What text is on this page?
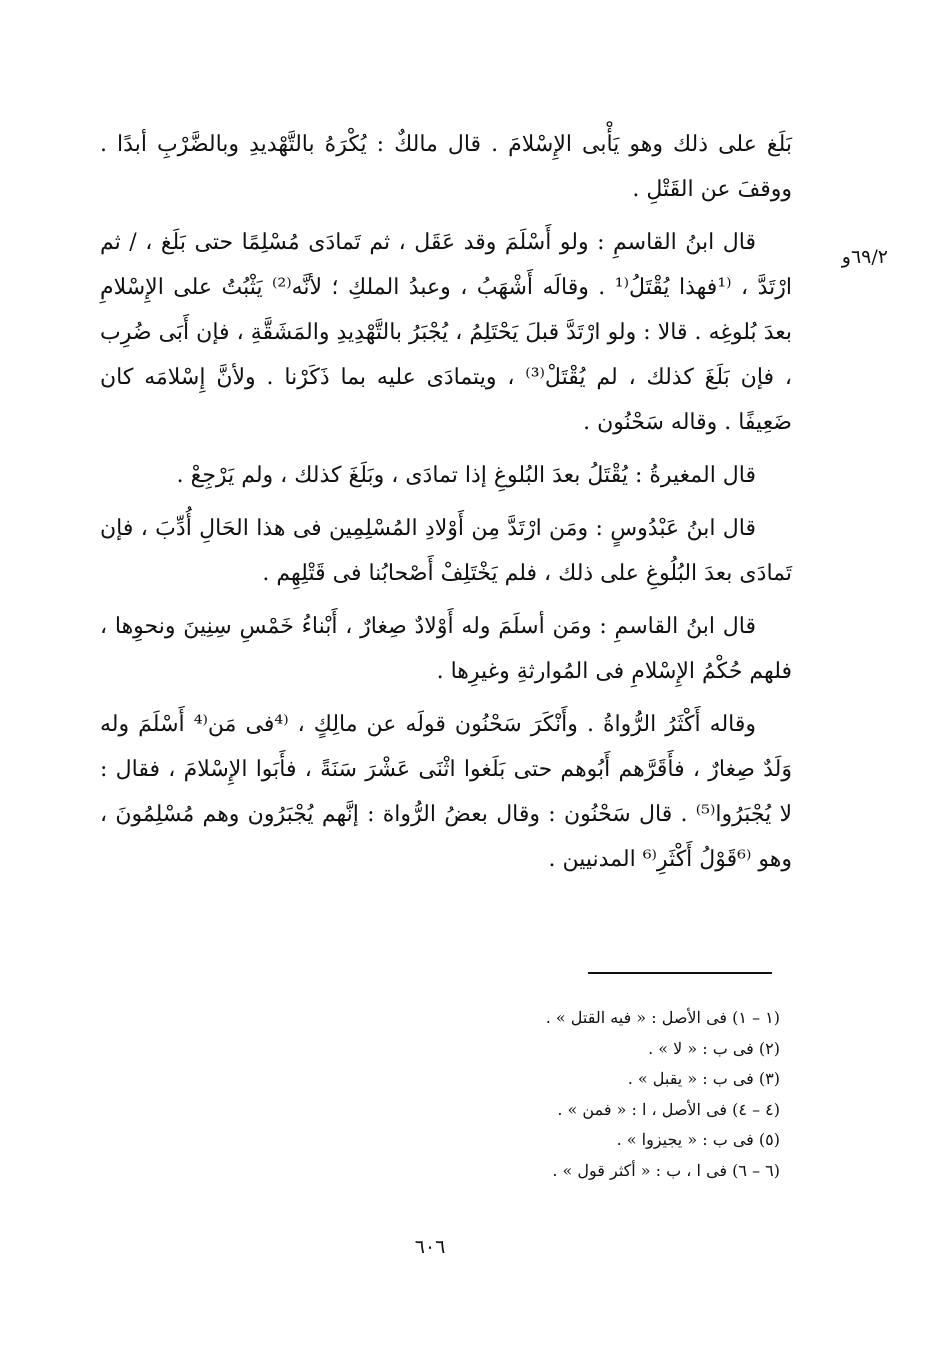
٦٩/٢و

بَلَغ على ذلك وهو يَأْبى الإِسْلامَ . قال مالكٌ : يُكْرَهُ بالتَّهْديدِ وبالضَّرْبِ أبدًا . ووقفَ عن القَتْلِ .

قال ابنُ القاسمِ : ولو أَسْلَمَ وقد عَقَل ، ثم تَمادَى مُسْلِمًا حتى بَلَغ ، / ثم ارْتَدَّ ، ⁽¹فهذا يُقْتَلُ⁽¹ . وقالَه أَشْهَبُ ، وعبدُ الملكِ ؛ لأنَّه⁽²⁾ يَثْبُتُ على الإِسْلامِ بعدَ بُلوغِه . قالا : ولو ارْتَدَّ قبلَ يَحْتَلِمُ ، يُجْبَرُ بالتَّهْدِيدِ والمَشَقَّةِ ، فإن أَبَى ضُرِب ، فإن بَلَغَ كذلك ، لم يُقْتَلْ⁽³⁾ ، ويتمادَى عليه بما ذَكَرْنا . ولأنَّ إِسْلامَه كان ضَعِيفًا . وقاله سَحْنُون .

قال المغيرةُ : يُقْتَلُ بعدَ البُلوغِ إذا تمادَى ، وبَلَغَ كذلك ، ولم يَرْجِعْ .

قال ابنُ عَبْدُوسٍ : ومَن ارْتَدَّ مِن أَوْلادِ المُسْلِمِين فى هذا الحَالِ أُدِّبَ ، فإن تَمادَى بعدَ البُلُوغِ على ذلك ، فلم يَخْتَلِفْ أَصْحابُنا فى قَتْلِهِم .

قال ابنُ القاسمِ : ومَن أسلَمَ وله أَوْلادٌ صِغارٌ ، أَبْناءُ خَمْسِ سِنِينَ ونحوِها ، فلهم حُكْمُ الإِسْلامِ فى المُوارثةِ وغيرِها .

وقاله أَكْثَرُ الرُّواةُ . وأَنْكَرَ سَحْنُون قولَه عن مالِكٍ ، ⁽⁴فى مَن⁽⁴ أَسْلَمَ وله وَلَدٌ صِغارٌ ، فأَقَرَّهم أَبُوهم حتى بَلَغوا اثْنَى عَشْرَ سَنَةً ، فأَبَوا الإِسْلامَ ، فقال : لا يُجْبَرُوا⁽⁵⁾ . قال سَحْنُون : وقال بعضُ الرُّواة : إنَّهم يُجْبَرُون وهم مُسْلِمُونَ ، وهو ⁽⁶قَوْلُ أَكْثَرِ⁽⁶ المدنيين .

(١ – ١) فى الأصل : « فيه القتل » .
(٢) فى ب : « لا » .
(٣) فى ب : « يقبل » .
(٤ – ٤) فى الأصل ، ا : « فمن » .
(٥) فى ب : « يجيزوا » .
(٦ – ٦) فى ا ، ب : « أكثر قول » .
٦٠٦
